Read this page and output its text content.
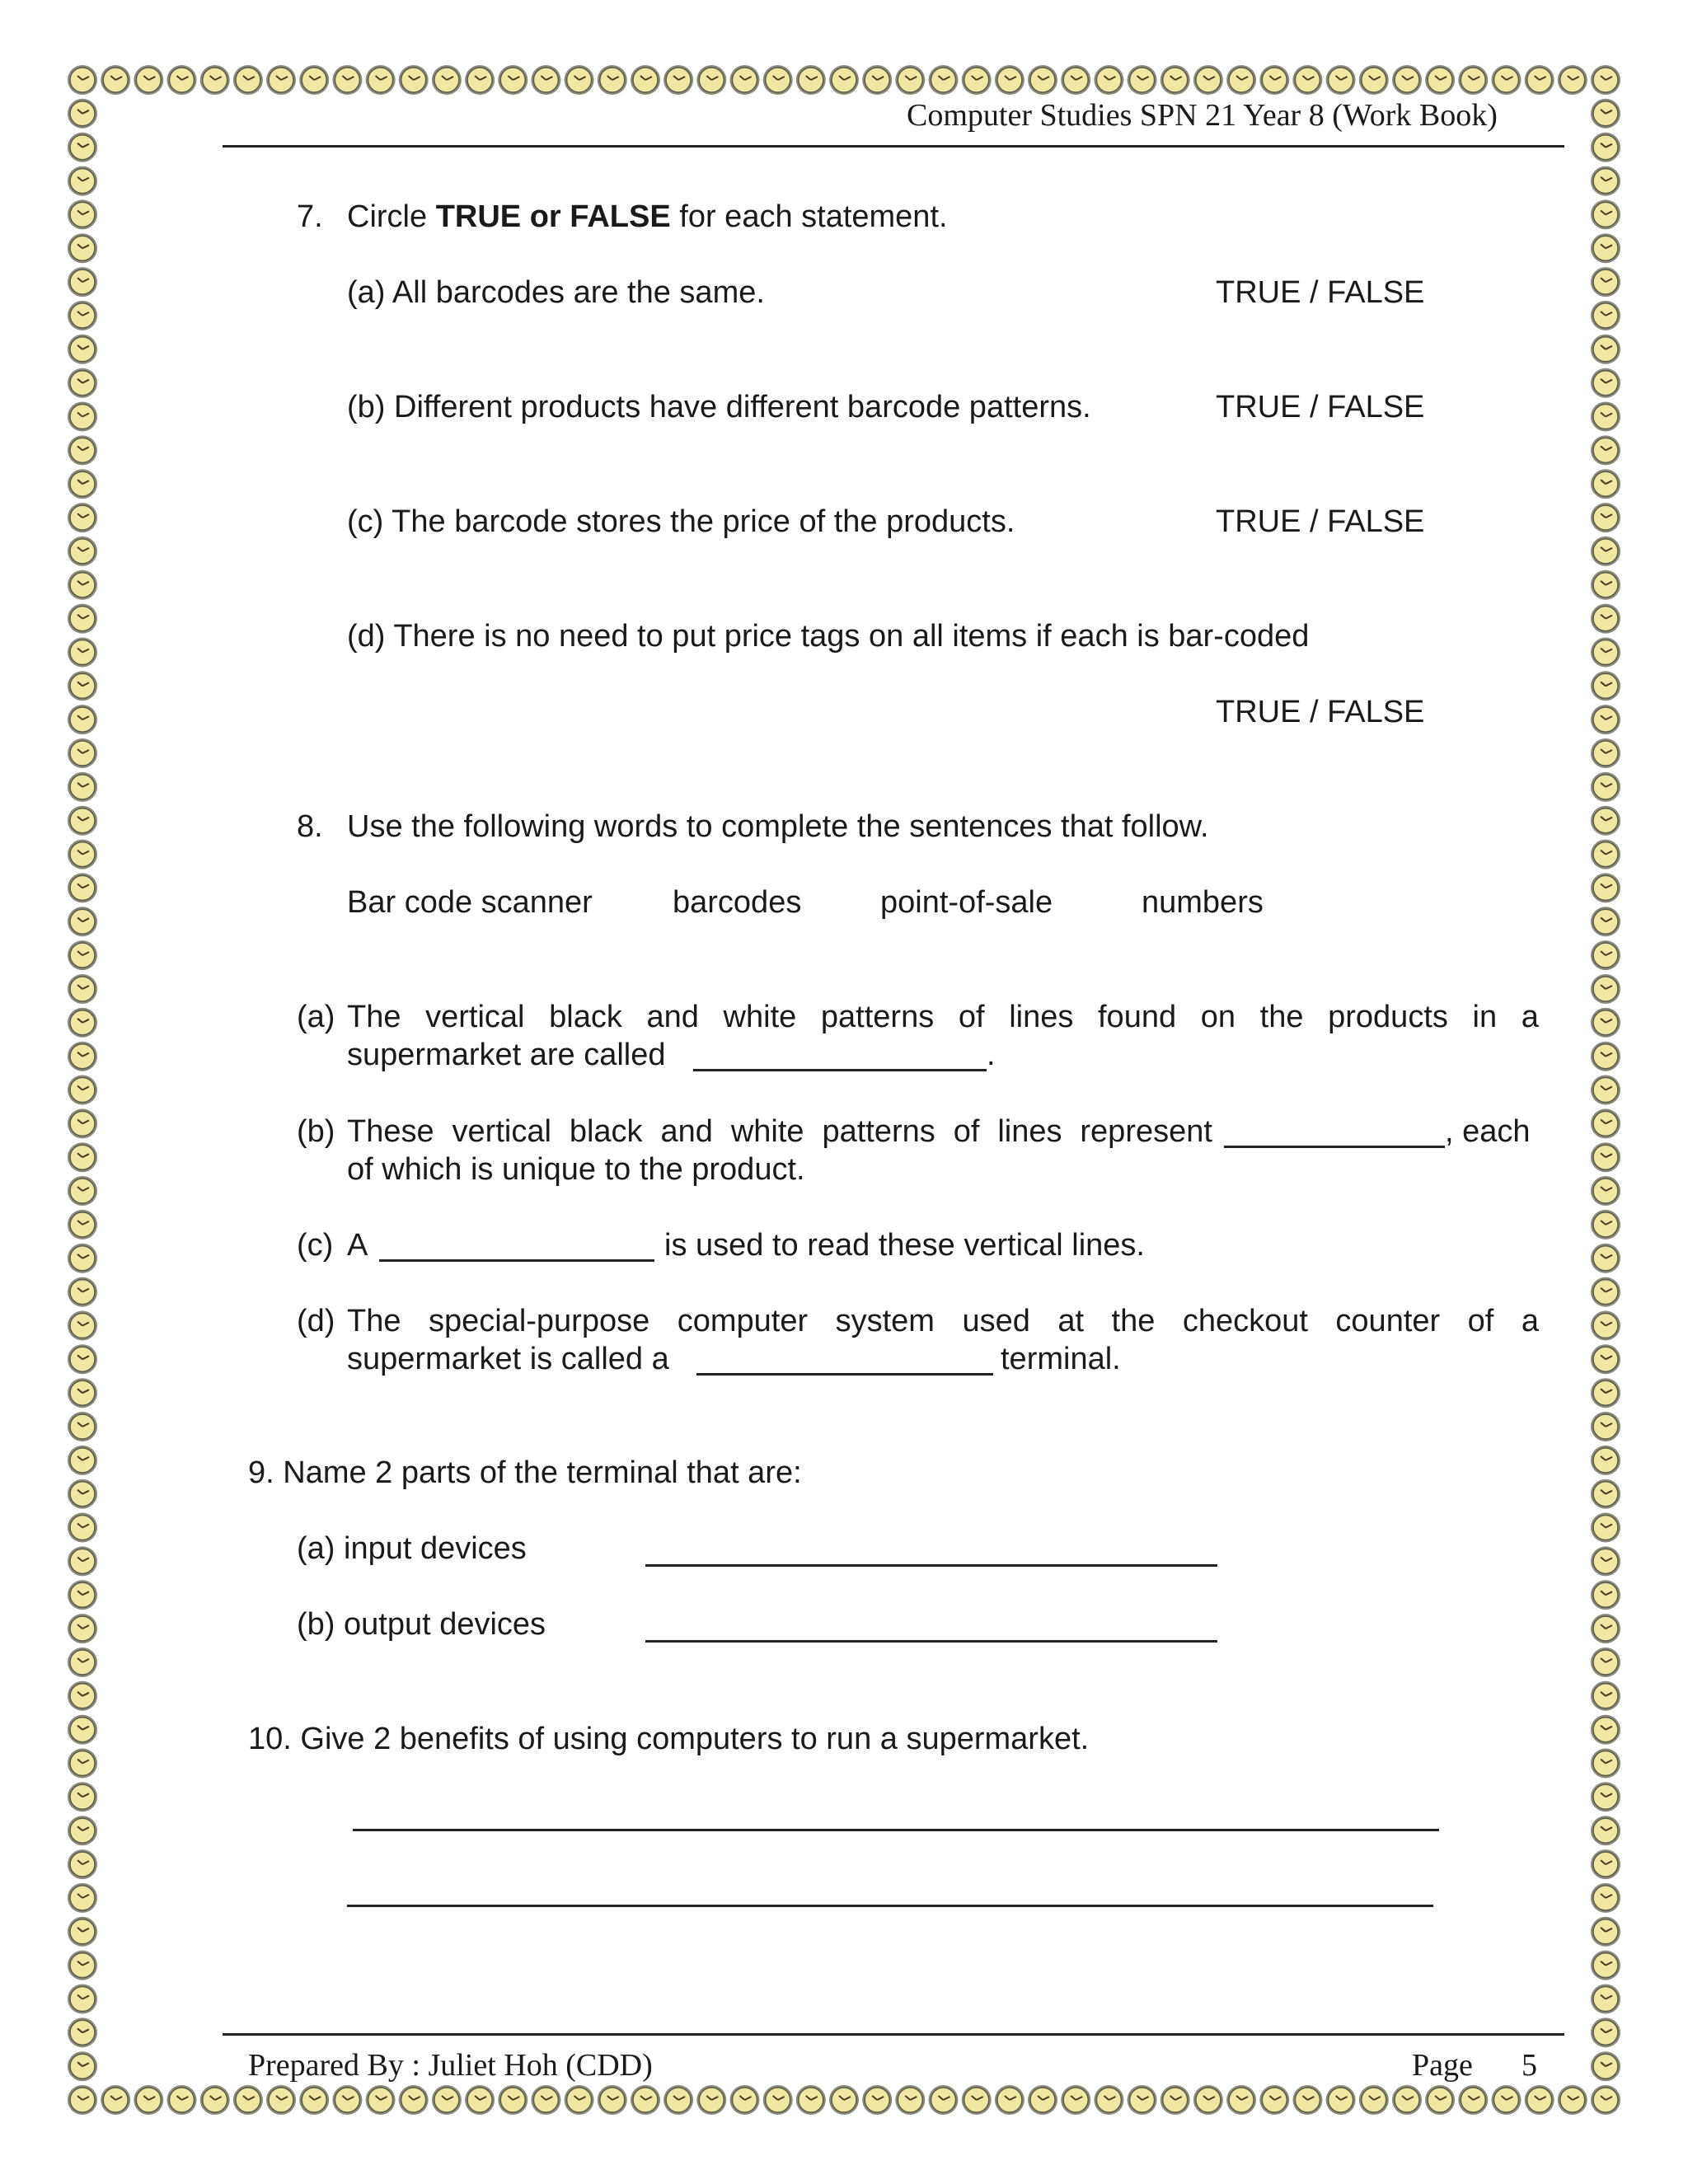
Computer Studies SPN 21 Year 8 (Work Book)
7. Circle TRUE or FALSE for each statement.
(a) All barcodes are the same.	TRUE / FALSE
(b) Different products have different barcode patterns.	TRUE / FALSE
(c) The barcode stores the price of the products.	TRUE / FALSE
(d) There is no need to put price tags on all items if each is bar-coded
TRUE / FALSE
8. Use the following words to complete the sentences that follow.
Bar code scanner	barcodes	point-of-sale	numbers
(a) The vertical black and white patterns of lines found on the products in a
supermarket are called	.
(b) These vertical black and white patterns of lines represent	, each
of which is unique to the product.
(c) A	is used to read these vertical lines.
(d) The special-purpose computer system used at the checkout counter of a
supermarket is called a	terminal.
9. Name 2 parts of the terminal that are:
(a) input devices
(b) output devices
10. Give 2 benefits of using computers to run a supermarket.
Prepared By : Juliet Hoh (CDD)	Page 5
